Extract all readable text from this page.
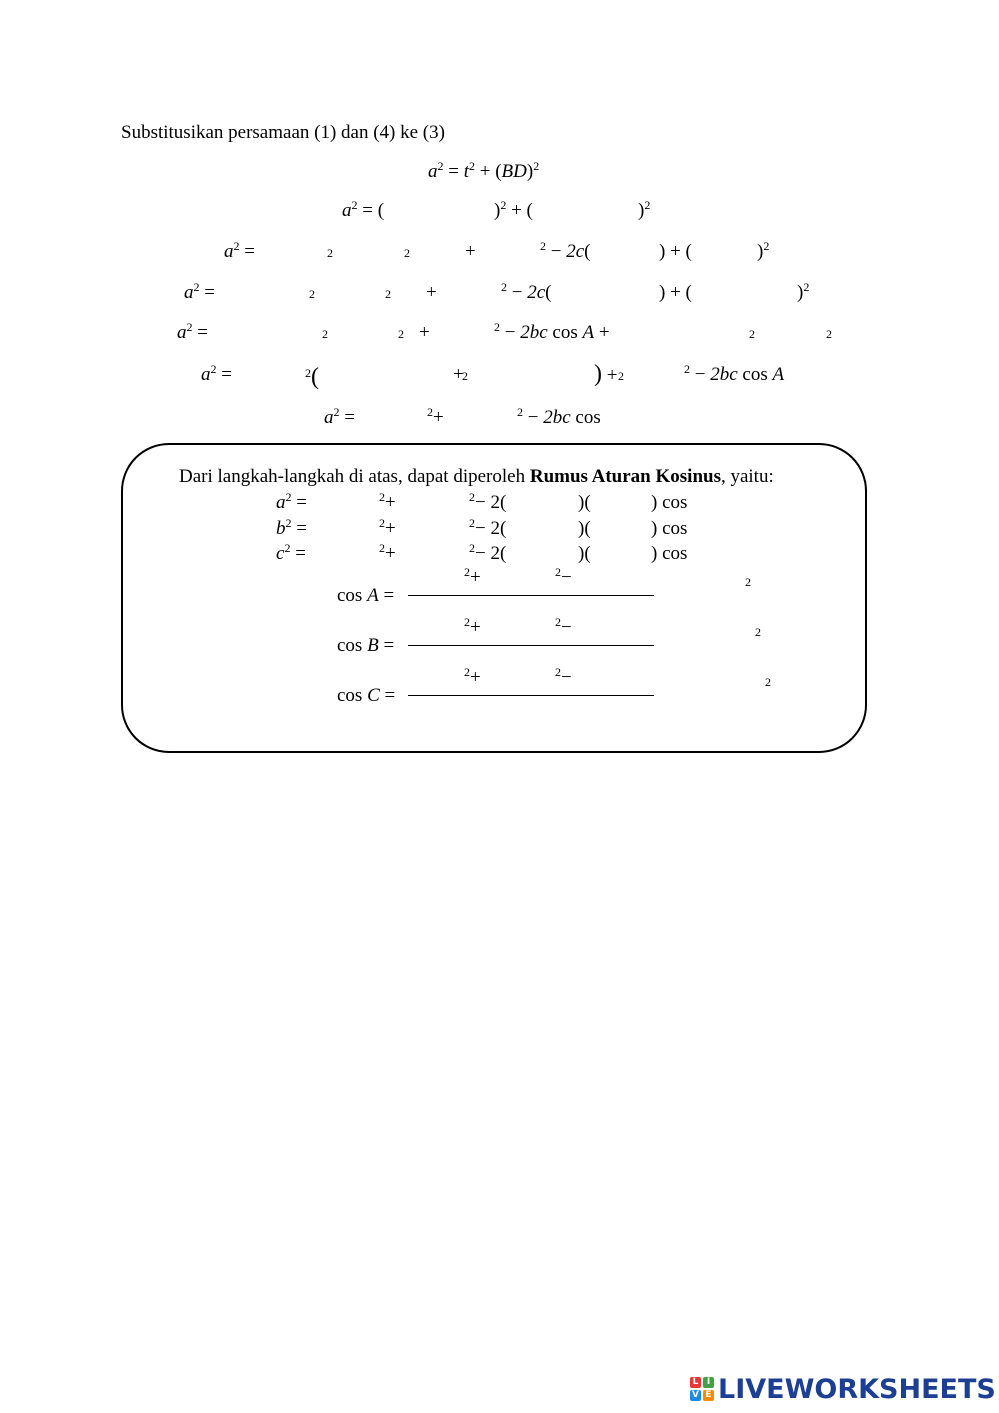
Substitusikan persamaan (1) dan (4) ke (3)
$a^2 = t^2 + (BD)^2$
$a^2$ = (	)$^2$ + (	)$^2$
$a^2$ =	$_2$	$_2$	+	$^2$ − 2c(	) + (	)$^2$
$a^2$ =	$_2$	$_2$ +	$^2$ − 2c(	) + (	)$^2$
$a^2$ =	$_2$	$_2$ +	$^2$ − 2bc cos A +	$_2$	$_2$
$a^2$ =	$^2$(	$_2$
+	$_2$
) +	$^2$ − 2bc cos A
$a^2$ =	$^2$+	$^2$ − 2bc cos
Dari langkah-langkah di atas, dapat diperoleh Rumus Aturan Kosinus, yaitu:
$a^2$ =	$^2$+	$^2$− 2(	)(	) cos
$b^2$ =	$^2$+	$^2$− 2(	)(	) cos
$c^2$ =	$^2$+	$^2$− 2(	)(	) cos
$^2$+	$^2$−	$_2$
cos A =
$^2$+	$^2$−	$_2$
cos B =
$^2$+	$^2$−	$_2$
cos C =
L I
V E LIVEWORKSHEETS
